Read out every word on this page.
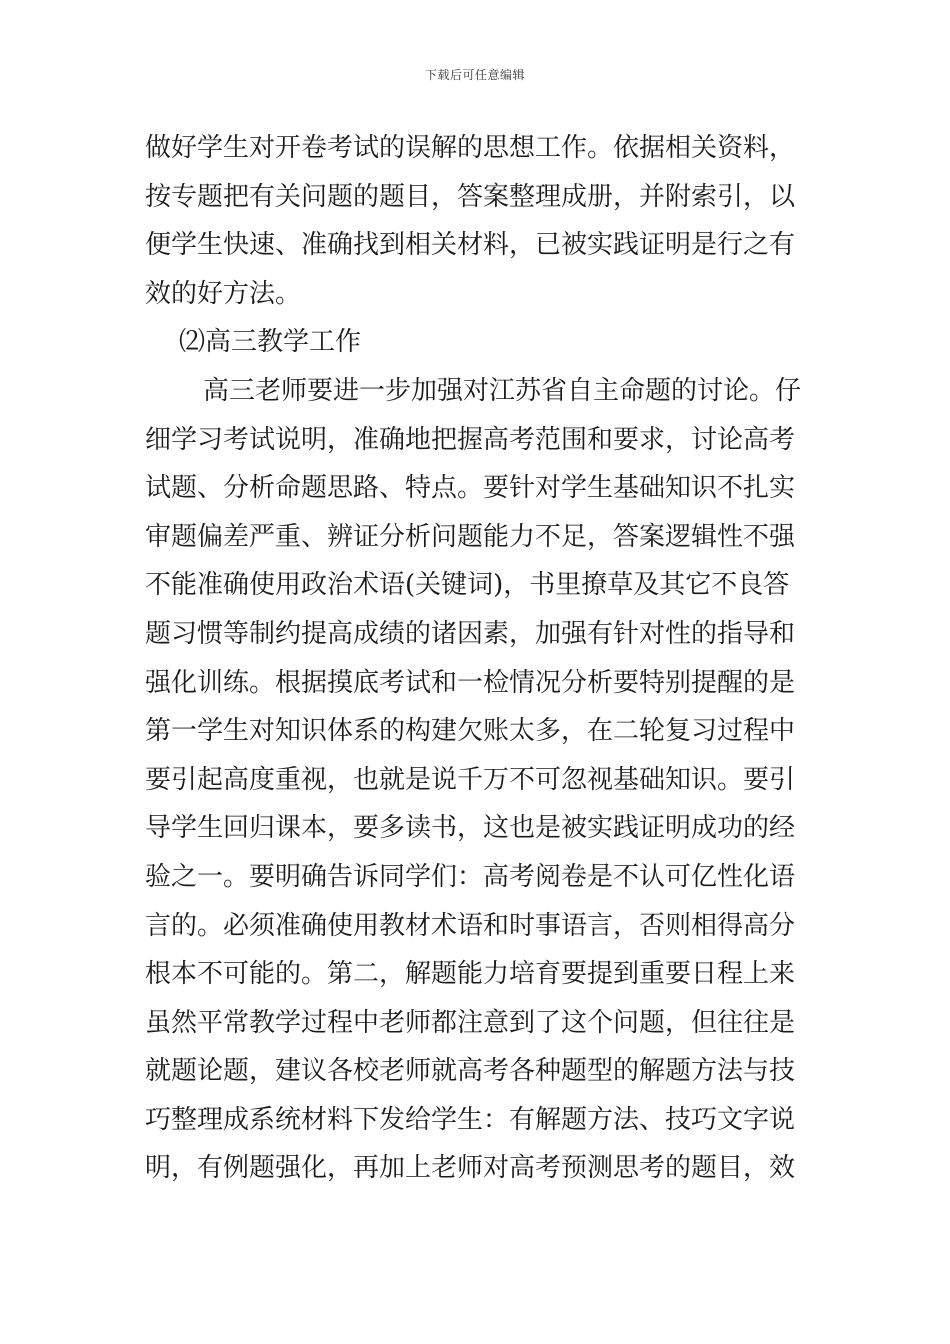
下载后可任意编辑
做好学生对开卷考试的误解的思想工作。依据相关资料，
按专题把有关问题的题目，答案整理成册，并附索引，以
便学生快速、准确找到相关材料，已被实践证明是行之有
效的好方法。
⑵高三教学工作
高三老师要进一步加强对江苏省自主命题的讨论。仔
细学习考试说明，准确地把握高考范围和要求，讨论高考
试题、分析命题思路、特点。要针对学生基础知识不扎实
审题偏差严重、辨证分析问题能力不足，答案逻辑性不强
不能准确使用政治术语(关键词)，书里撩草及其它不良答
题习惯等制约提高成绩的诸因素，加强有针对性的指导和
强化训练。根据摸底考试和一检情况分析要特别提醒的是
第一学生对知识体系的构建欠账太多，在二轮复习过程中
要引起高度重视，也就是说千万不可忽视基础知识。要引
导学生回归课本，要多读书，这也是被实践证明成功的经
验之一。要明确告诉同学们：高考阅卷是不认可亿性化语
言的。必须准确使用教材术语和时事语言，否则相得高分
根本不可能的。第二，解题能力培育要提到重要日程上来
虽然平常教学过程中老师都注意到了这个问题，但往往是
就题论题，建议各校老师就高考各种题型的解题方法与技
巧整理成系统材料下发给学生：有解题方法、技巧文字说
明，有例题强化，再加上老师对高考预测思考的题目，效
